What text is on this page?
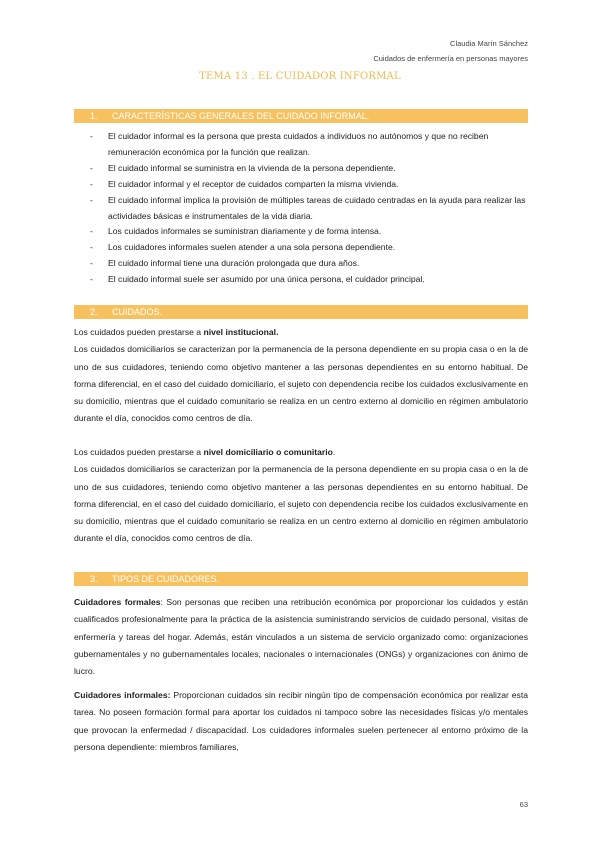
Claudia Marín Sánchez
Cuidados de enfermería en personas mayores
TEMA 13 . EL CUIDADOR INFORMAL
1. CARACTERÍSTICAS GENERALES DEL CUIDADO INFORMAL.
- El cuidador informal es la persona que presta cuidados a individuos no autónomos y que no reciben remuneración económica por la función que realizan.
- El cuidado informal se suministra en la vivienda de la persona dependiente.
- El cuidador informal y el receptor de cuidados comparten la misma vivienda.
- El cuidado informal implica la provisión de múltiples tareas de cuidado centradas en la ayuda para realizar las actividades básicas e instrumentales de la vida diaria.
- Los cuidados informales se suministran diariamente y de forma intensa.
- Los cuidadores informales suelen atender a una sola persona dependiente.
- El cuidado informal tiene una duración prolongada que dura años.
- El cuidado informal suele ser asumido por una única persona, el cuidador principal.
2. CUIDADOS.

Los cuidados pueden prestarse a nivel institucional.

Los cuidados domiciliarios se caracterizan por la permanencia de la persona dependiente en su propia casa o en la de uno de sus cuidadores, teniendo como objetivo mantener a las personas dependientes en su entorno habitual. De forma diferencial, en el caso del cuidado domiciliario, el sujeto con dependencia recibe los cuidados exclusivamente en su domicilio, mientras que el cuidado comunitario se realiza en un centro externo al domicilio en régimen ambulatorio durante el día, conocidos como centros de día.

Los cuidados pueden prestarse a nivel domiciliario o comunitario.

Los cuidados domiciliarios se caracterizan por la permanencia de la persona dependiente en su propia casa o en la de uno de sus cuidadores, teniendo como objetivo mantener a las personas dependientes en su entorno habitual. De forma diferencial, en el caso del cuidado domiciliario, el sujeto con dependencia recibe los cuidados exclusivamente en su domicilio, mientras que el cuidado comunitario se realiza en un centro externo al domicilio en régimen ambulatorio durante el día, conocidos como centros de día.

3. TIPOS DE CUIDADORES.

Cuidadores formales: Son personas que reciben una retribución económica por proporcionar los cuidados y están cualificados profesionalmente para la práctica de la asistencia suministrando servicios de cuidado personal, visitas de enfermería y tareas del hogar. Además, están vinculados a un sistema de servicio organizado como: organizaciones gubernamentales y no gubernamentales locales, nacionales o internacionales (ONGs) y organizaciones con ánimo de lucro.

Cuidadores informales: Proporcionan cuidados sin recibir ningún tipo de compensación económica por realizar esta tarea. No poseen formación formal para aportar los cuidados ni tampoco sobre las necesidades físicas y/o mentales que provocan la enfermedad / discapacidad. Los cuidadores informales suelen pertenecer al entorno próximo de la persona dependiente: miembros familiares,

63
